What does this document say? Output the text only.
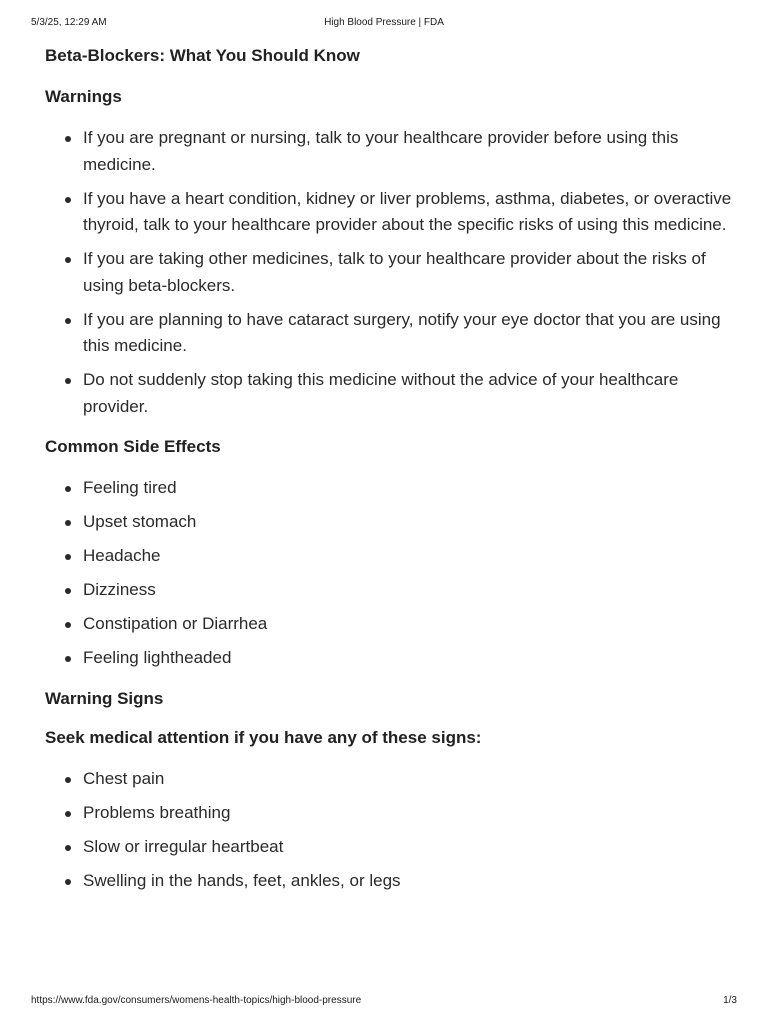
5/3/25, 12:29 AM	High Blood Pressure | FDA
Beta-Blockers: What You Should Know
Warnings
If you are pregnant or nursing, talk to your healthcare provider before using this medicine.
If you have a heart condition, kidney or liver problems, asthma, diabetes, or overactive thyroid, talk to your healthcare provider about the specific risks of using this medicine.
If you are taking other medicines, talk to your healthcare provider about the risks of using beta-blockers.
If you are planning to have cataract surgery, notify your eye doctor that you are using this medicine.
Do not suddenly stop taking this medicine without the advice of your healthcare provider.
Common Side Effects
Feeling tired
Upset stomach
Headache
Dizziness
Constipation or Diarrhea
Feeling lightheaded
Warning Signs
Seek medical attention if you have any of these signs:
Chest pain
Problems breathing
Slow or irregular heartbeat
Swelling in the hands, feet, ankles, or legs
https://www.fda.gov/consumers/womens-health-topics/high-blood-pressure	1/3
